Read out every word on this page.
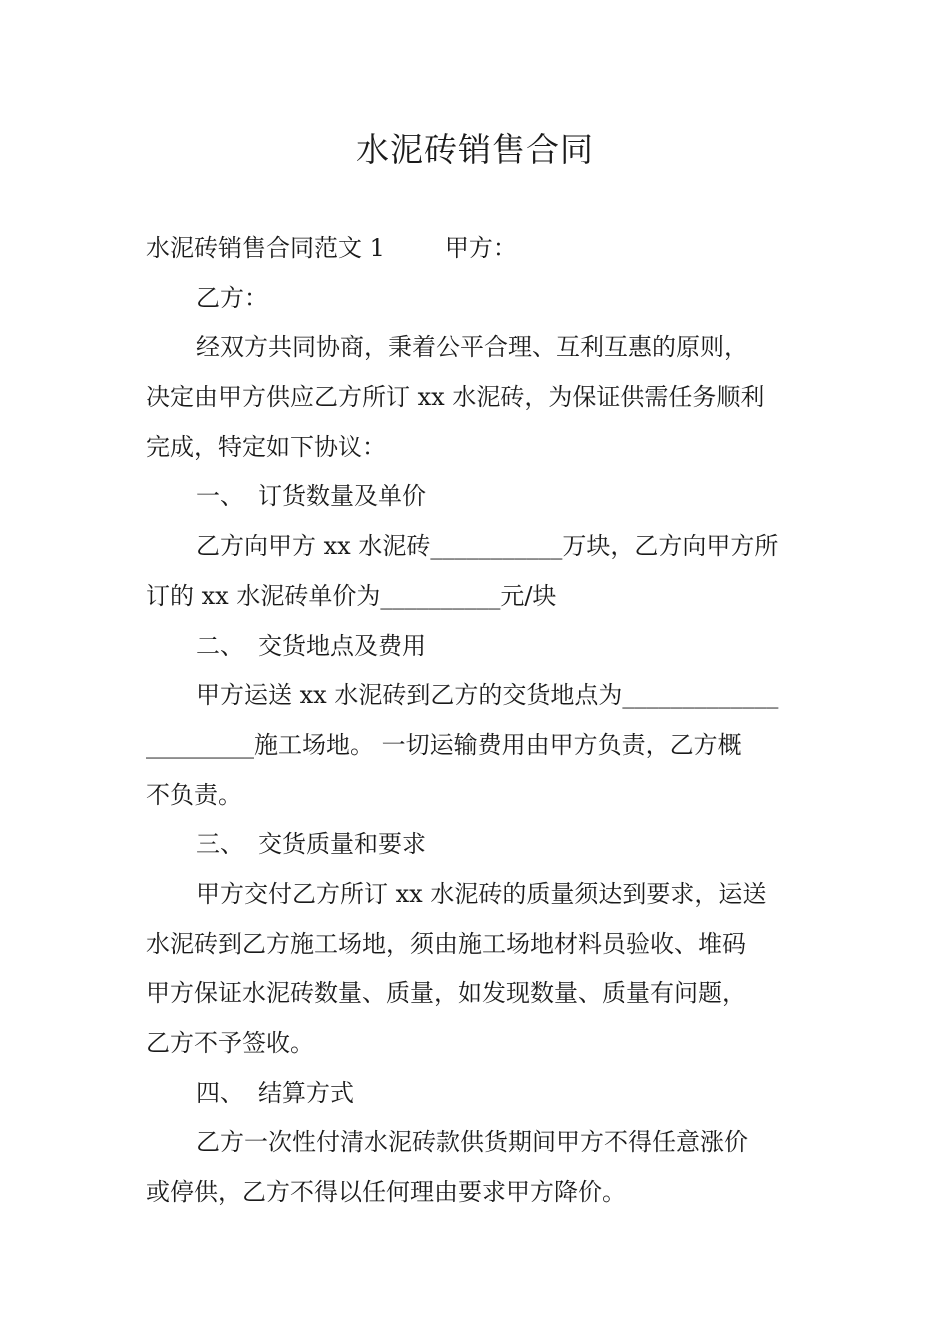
水泥砖销售合同
水泥砖销售合同范文 1	甲方：
乙方：
经双方共同协商，秉着公平合理、互利互惠的原则，
决定由甲方供应乙方所订 xx 水泥砖，为保证供需任务顺利
完成，特定如下协议：
一、 订货数量及单价
乙方向甲方 xx 水泥砖___________万块，乙方向甲方所
订的 xx 水泥砖单价为__________元/块
二、 交货地点及费用
甲方运送 xx 水泥砖到乙方的交货地点为_____________
_________施工场地。 一切运输费用由甲方负责，乙方概
不负责。
三、 交货质量和要求
甲方交付乙方所订 xx 水泥砖的质量须达到要求，运送
水泥砖到乙方施工场地，须由施工场地材料员验收、堆码
甲方保证水泥砖数量、质量，如发现数量、质量有问题，
乙方不予签收。
四、 结算方式
乙方一次性付清水泥砖款供货期间甲方不得任意涨价
或停供，乙方不得以任何理由要求甲方降价。
